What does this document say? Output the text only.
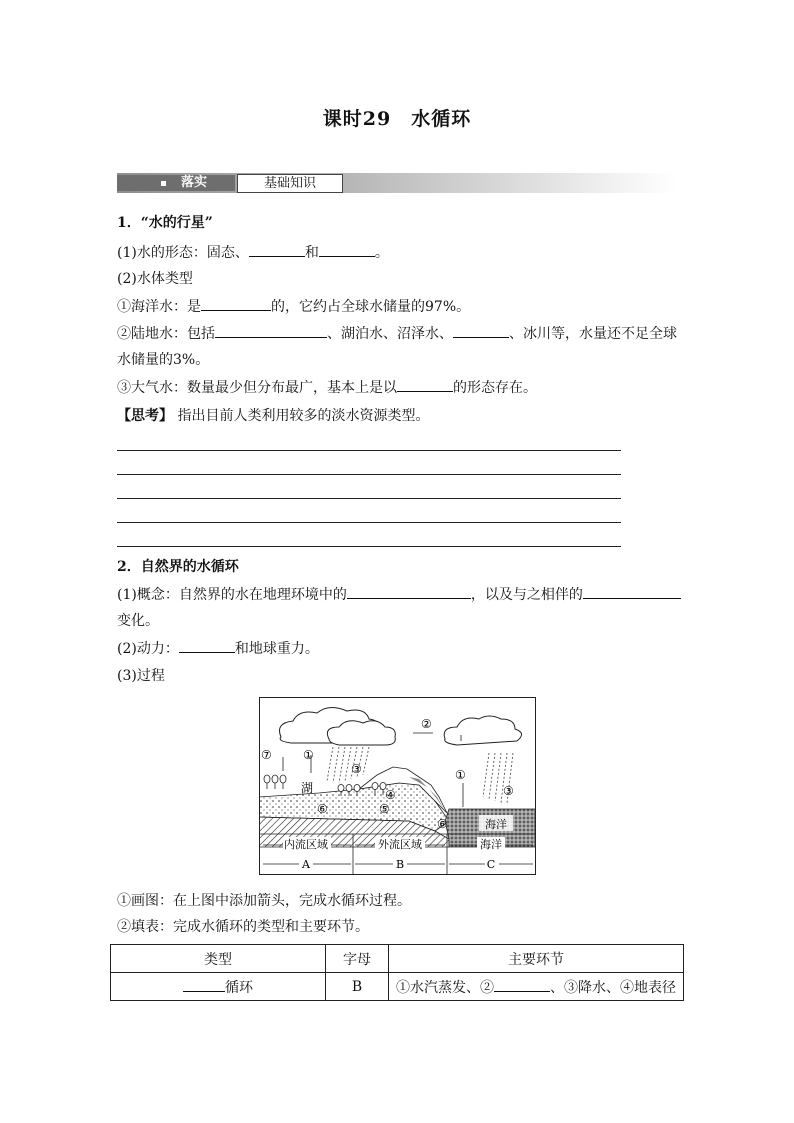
课时29　水循环
落实	基础知识
1．“水的行星”
(1)水的形态：固态、	和	。
(2)水体类型
①海洋水：是	的，它约占全球水储量的97%。
②陆地水：包括	、湖泊水、沼泽水、	、冰川等，水量还不足全球
水储量的3%。
③大气水：数量最少但分布最广，基本上是以	的形态存在。
【思考】 指出目前人类利用较多的淡水资源类型。
2．自然界的水循环
(1)概念：自然界的水在地理环境中的	，以及与之相伴的
变化。
(2)动力：	和地球重力。
(3)过程
海洋
②
⑦	①
③	①
③
湖	④
⑤
⑥
⑥
内流区域	外流区域	海洋
A	B	C
①画图：在上图中添加箭头，完成水循环过程。
②填表：完成水循环的类型和主要环节。
类型	字母	主要环节
循环	B	①水汽蒸发、② 、③降水、④地表径
